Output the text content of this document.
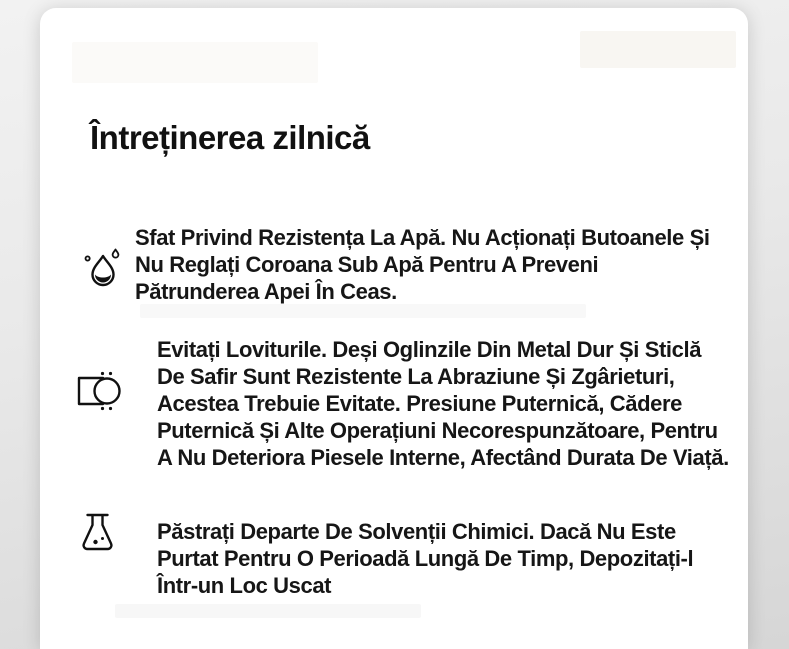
Întreținerea zilnică
Sfat Privind Rezistența La Apă. Nu Acționați Butoanele Și Nu Reglați Coroana Sub Apă Pentru A Preveni Pătrunderea Apei În Ceas.
Evitați Loviturile. Deși Oglinzile Din Metal Dur Și Sticlă De Safir Sunt Rezistente La Abraziune Și Zgârieturi, Acestea Trebuie Evitate. Presiune Puternică, Cădere Puternică Și Alte Operațiuni Necorespunzătoare, Pentru A Nu Deteriora Piesele Interne, Afectând Durata De Viață.
Păstrați Departe De Solvenții Chimici. Dacă Nu Este Purtat Pentru O Perioadă Lungă De Timp, Depozitați-l Într-un Loc Uscat
